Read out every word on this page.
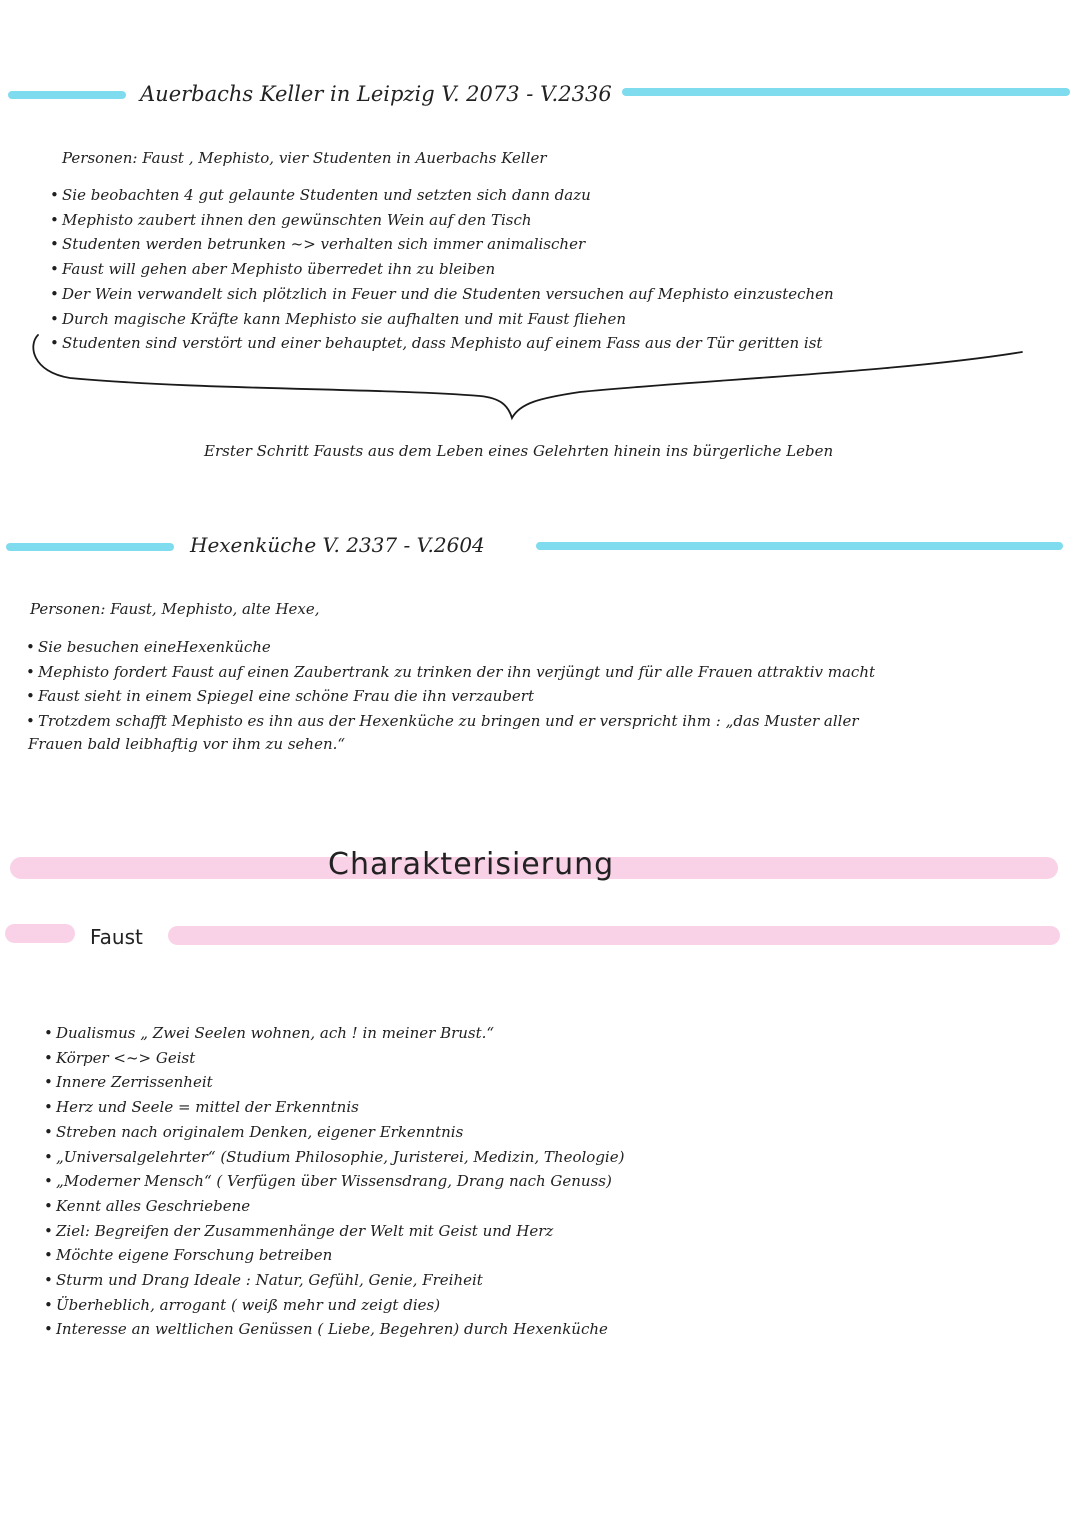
Auerbachs Keller in Leipzig V. 2073 - V.2336
Personen: Faust , Mephisto, vier Studenten in Auerbachs Keller
• Sie beobachten 4 gut gelaunte Studenten und setzten sich dann dazu
• Mephisto zaubert ihnen den gewünschten Wein auf den Tisch
• Studenten werden betrunken ~> verhalten sich immer animalischer
• Faust will gehen aber Mephisto überredet ihn zu bleiben
• Der Wein verwandelt sich plötzlich in Feuer und die Studenten versuchen auf Mephisto einzustechen
• Durch magische Kräfte kann Mephisto sie aufhalten und mit Faust fliehen
• Studenten sind verstört und einer behauptet, dass Mephisto auf einem Fass aus der Tür geritten ist
Erster Schritt Fausts aus dem Leben eines Gelehrten hinein ins bürgerliche Leben
Hexenküche V. 2337 - V.2604
Personen: Faust, Mephisto, alte Hexe,
• Sie besuchen eineHexenküche
• Mephisto fordert Faust auf einen Zaubertrank zu trinken der ihn verjüngt und für alle Frauen attraktiv macht
• Faust sieht in einem Spiegel eine schöne Frau die ihn verzaubert
• Trotzdem schafft Mephisto es ihn aus der Hexenküche zu bringen und er verspricht ihm : „das Muster aller
Frauen bald leibhaftig vor ihm zu sehen.“
Charakterisierung
Faust
• Dualismus „ Zwei Seelen wohnen, ach ! in meiner Brust.“
• Körper <~> Geist
• Innere Zerrissenheit
• Herz und Seele = mittel der Erkenntnis
• Streben nach originalem Denken, eigener Erkenntnis
• „Universalgelehrter“ (Studium Philosophie, Juristerei, Medizin, Theologie)
• „Moderner Mensch“ ( Verfügen über Wissensdrang, Drang nach Genuss)
• Kennt alles Geschriebene
• Ziel: Begreifen der Zusammenhänge der Welt mit Geist und Herz
• Möchte eigene Forschung betreiben
• Sturm und Drang Ideale : Natur, Gefühl, Genie, Freiheit
• Überheblich, arrogant ( weiß mehr und zeigt dies)
• Interesse an weltlichen Genüssen ( Liebe, Begehren) durch Hexenküche
